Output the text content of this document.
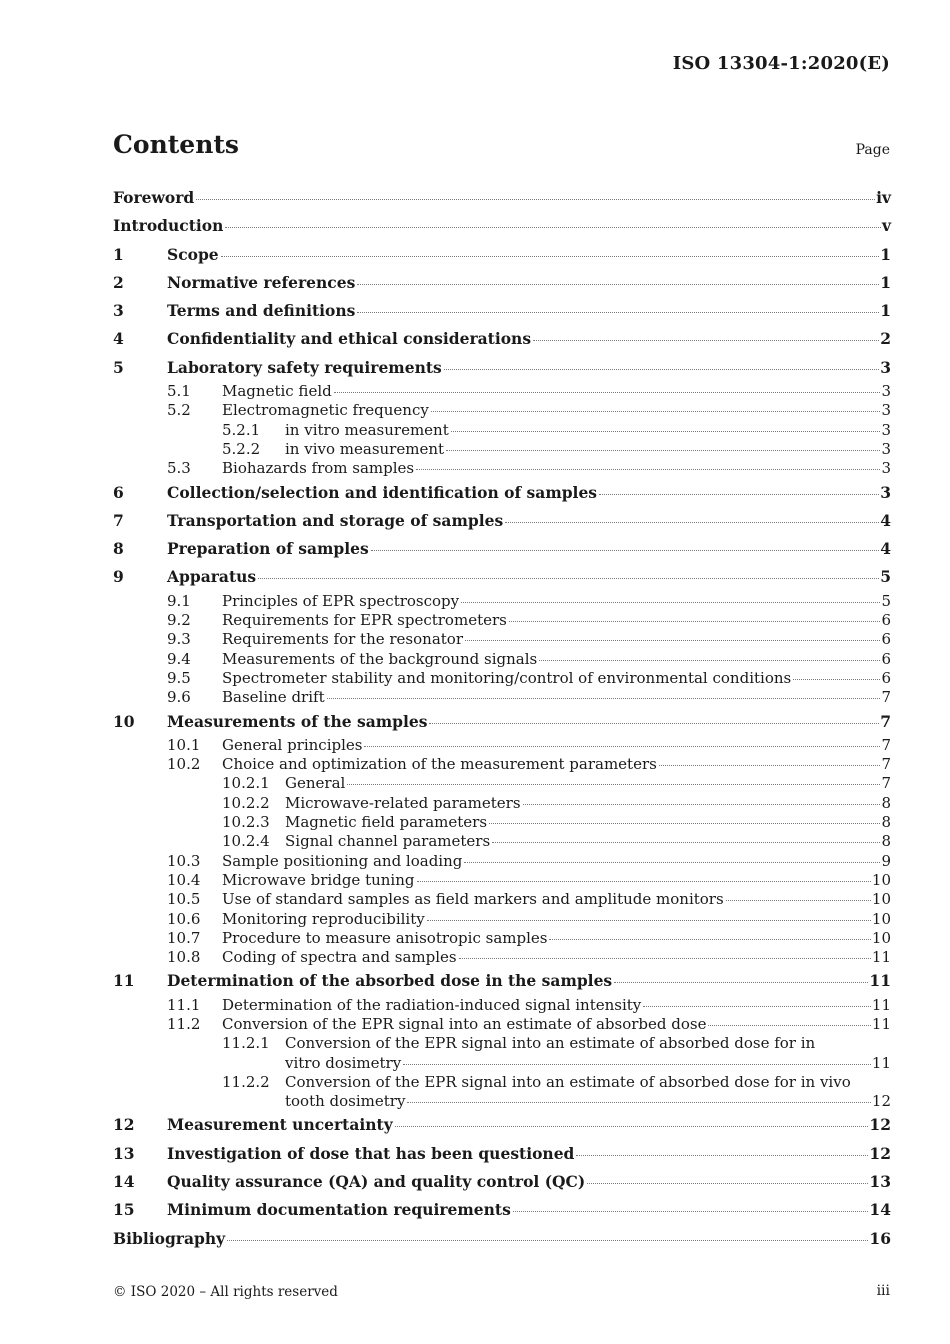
ISO 13304-1:2020(E)
Contents	Page
Foreword	iv
Introduction	v
1	Scope	1
2	Normative references	1
3	Terms and definitions	1
4	Confidentiality and ethical considerations	2
5	Laboratory safety requirements	3
5.1	Magnetic field	3
5.2	Electromagnetic frequency	3
5.2.1	in vitro measurement	3
5.2.2	in vivo measurement	3
5.3	Biohazards from samples	3
6	Collection/selection and identification of samples	3
7	Transportation and storage of samples	4
8	Preparation of samples	4
9	Apparatus	5
9.1	Principles of EPR spectroscopy	5
9.2	Requirements for EPR spectrometers	6
9.3	Requirements for the resonator	6
9.4	Measurements of the background signals	6
9.5	Spectrometer stability and monitoring/control of environmental conditions	6
9.6	Baseline drift	7
10	Measurements of the samples	7
10.1	General principles	7
10.2	Choice and optimization of the measurement parameters	7
10.2.1	General	7
10.2.2	Microwave-related parameters	8
10.2.3	Magnetic field parameters	8
10.2.4	Signal channel parameters	8
10.3	Sample positioning and loading	9
10.4	Microwave bridge tuning	10
10.5	Use of standard samples as field markers and amplitude monitors	10
10.6	Monitoring reproducibility	10
10.7	Procedure to measure anisotropic samples	10
10.8	Coding of spectra and samples	11
11	Determination of the absorbed dose in the samples	11
11.1	Determination of the radiation-induced signal intensity	11
11.2	Conversion of the EPR signal into an estimate of absorbed dose	11
11.2.1	Conversion of the EPR signal into an estimate of absorbed dose for in
vitro dosimetry	11
11.2.2	Conversion of the EPR signal into an estimate of absorbed dose for in vivo
tooth dosimetry	12
12	Measurement uncertainty	12
13	Investigation of dose that has been questioned	12
14	Quality assurance (QA) and quality control (QC)	13
15	Minimum documentation requirements	14
Bibliography	16
© ISO 2020 – All rights reserved	iii
